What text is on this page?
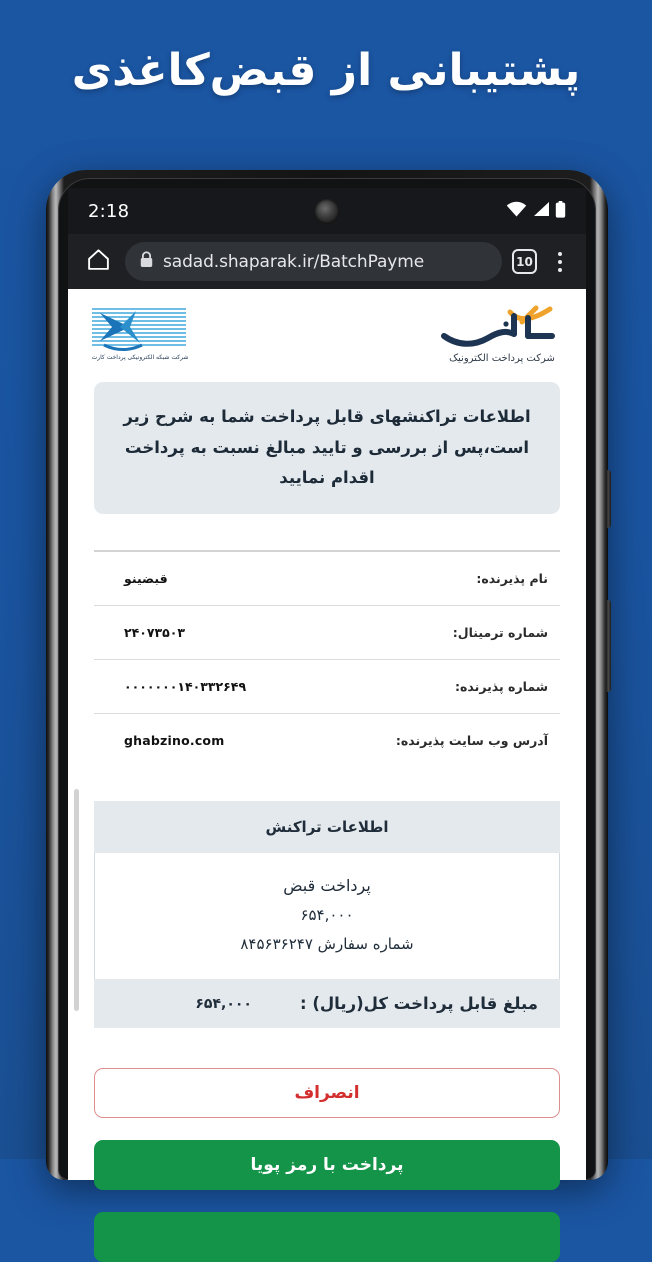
پشتیبانی از قبض‌کاغذی
2:18
sadad.shaparak.ir/BatchPayme	10
شرکت پرداخت الکترونیک
شرکت شبکه الکترونیکی پرداخت کارت
اطلاعات تراکنشهای قابل پرداخت شما به شرح زیر است،پس از بررسی و تایید مبالغ نسبت به پرداخت اقدام نمایید
نام پذیرنده:
قبضینو
شماره ترمینال:
۲۴۰۷۳۵۰۳
شماره پذیرنده:
۰۰۰۰۰۰۰۱۴۰۳۳۲۶۴۹
آدرس وب سایت پذیرنده:
ghabzino.com
اطلاعات تراکنش
پرداخت قبض
۶۵۴,۰۰۰
شماره سفارش ۸۴۵۶۳۶۲۴۷
مبلغ قابل پرداخت کل(ریال) :
۶۵۴,۰۰۰
انصراف
پرداخت با رمز پویا
